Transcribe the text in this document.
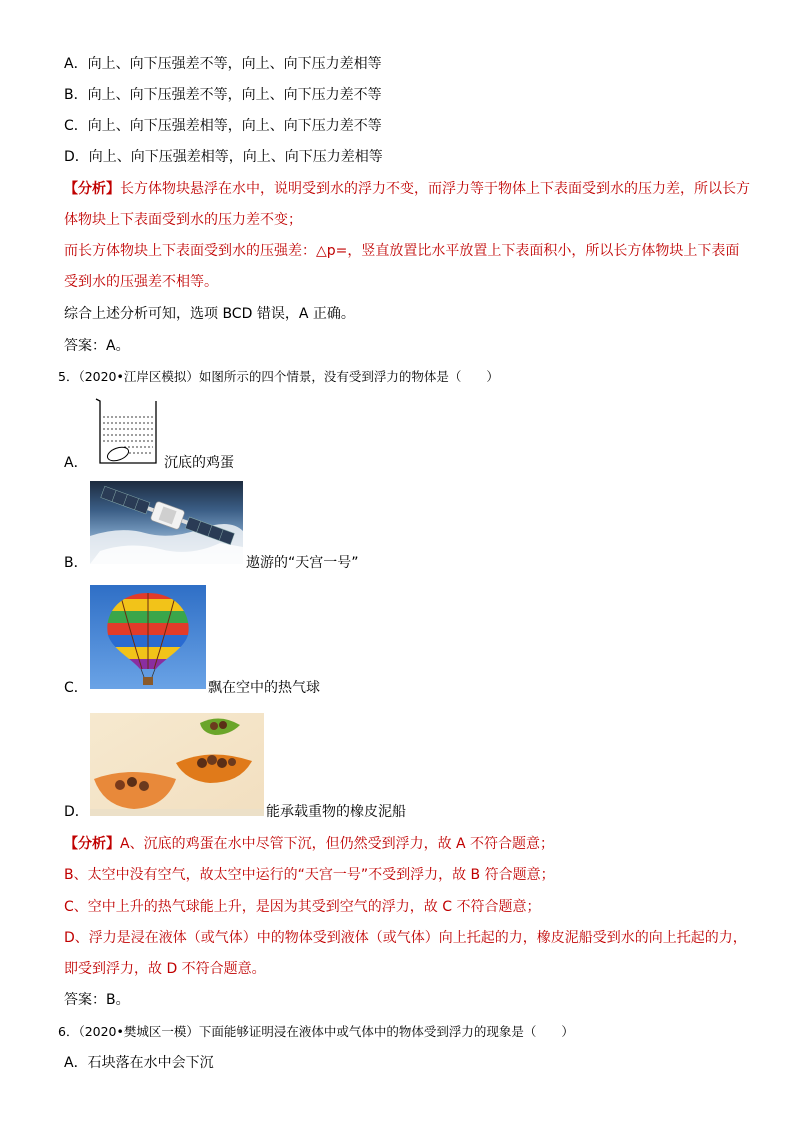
A．向上、向下压强差不等，向上、向下压力差相等
B．向上、向下压强差不等，向上、向下压力差不等
C．向上、向下压强差相等，向上、向下压力差不等
D．向上、向下压强差相等，向上、向下压力差相等
【分析】长方体物块悬浮在水中，说明受到水的浮力不变，而浮力等于物体上下表面受到水的压力差，所以长方
体物块上下表面受到水的压力差不变；
而长方体物块上下表面受到水的压强差：△p=，竖直放置比水平放置上下表面积小，所以长方体物块上下表面
受到水的压强差不相等。
综合上述分析可知，选项 BCD 错误，A 正确。
答案：A。
5．（2020•江岸区模拟）如图所示的四个情景，没有受到浮力的物体是（　　）
A．	沉底的鸡蛋
B．	遨游的“天宫一号”
C．	飘在空中的热气球
D．	能承载重物的橡皮泥船
【分析】A、沉底的鸡蛋在水中尽管下沉，但仍然受到浮力，故 A 不符合题意；
B、太空中没有空气，故太空中运行的“天宫一号”不受到浮力，故 B 符合题意；
C、空中上升的热气球能上升，是因为其受到空气的浮力，故 C 不符合题意；
D、浮力是浸在液体（或气体）中的物体受到液体（或气体）向上托起的力，橡皮泥船受到水的向上托起的力，
即受到浮力，故 D 不符合题意。
答案：B。
6．（2020•樊城区一模）下面能够证明浸在液体中或气体中的物体受到浮力的现象是（　　）
A．石块落在水中会下沉
